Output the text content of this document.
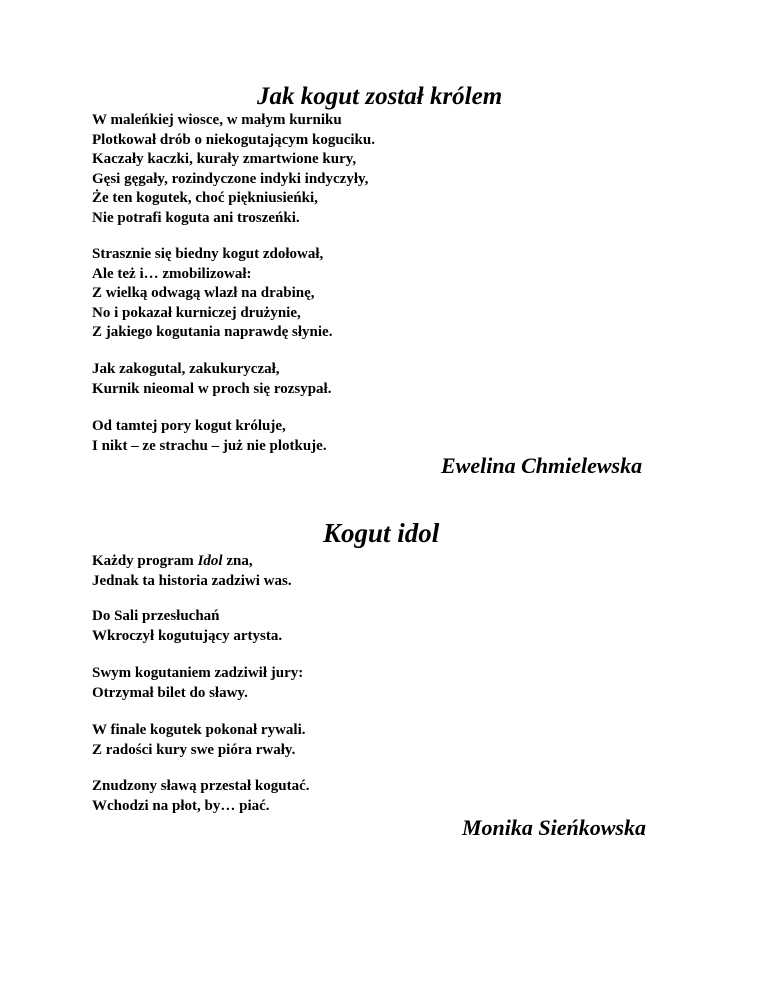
Jak kogut został królem
W maleńkiej wiosce, w małym kurniku
Plotkował drób o niekogutającym koguciku.
Kaczały kaczki, kurały zmartwione kury,
Gęsi gęgały, rozindyczone indyki indyczyły,
Że ten kogutek, choć piękniusieńki,
Nie potrafi koguta ani troszeńki.
Strasznie się biedny kogut zdołował,
Ale też i… zmobilizował:
Z wielką odwagą wlazł na drabinę,
No i pokazał kurniczej drużynie,
Z jakiego kogutania naprawdę słynie.
Jak zakogutal, zakukuryczał,
Kurnik nieomal w proch się rozsypał.
Od tamtej pory kogut króluje,
I nikt – ze strachu – już nie plotkuje.
Ewelina Chmielewska
Kogut idol
Każdy program Idol zna,
Jednak ta historia zadziwi was.
Do Sali przesłuchań
Wkroczył kogutujący artysta.
Swym kogutaniem zadziwił jury:
Otrzymał bilet do sławy.
W finale kogutek pokonał rywali.
Z radości kury swe pióra rwały.
Znudzony sławą przestał kogutać.
Wchodzi na płot, by… piać.
Monika Sieńkowska
